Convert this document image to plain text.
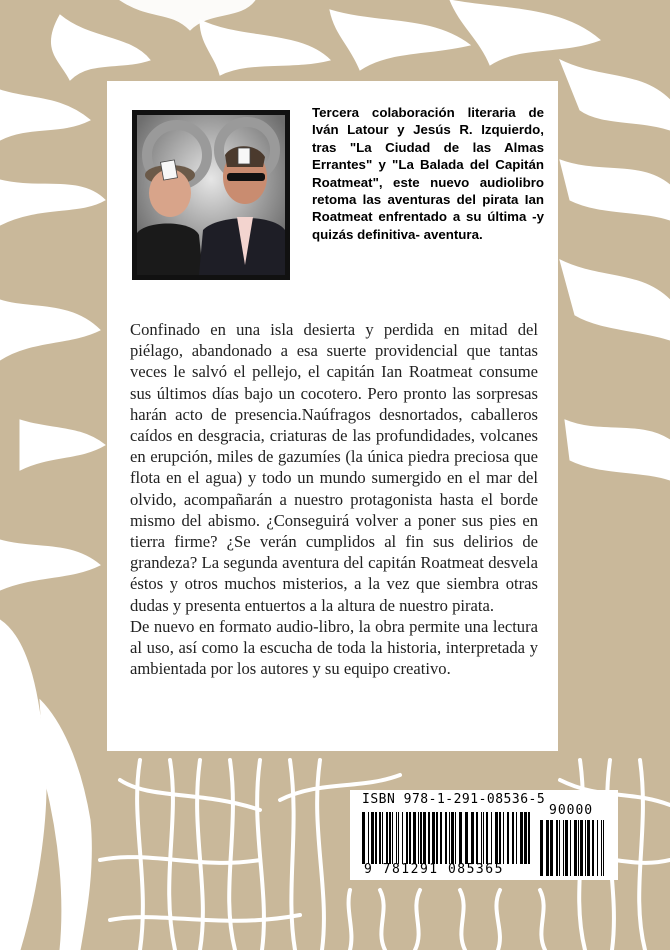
Tercera colaboración literaria de Iván Latour y Jesús R. Izquierdo, tras "La Ciudad de las Almas Errantes" y "La Balada del Capitán Roatmeat", este nuevo audiolibro retoma las aventuras del pirata Ian Roatmeat enfrentado a su última -y quizás definitiva- aventura.

Confinado en una isla desierta y perdida en mitad del piélago, abandonado a esa suerte providencial que tantas veces le salvó el pellejo, el capitán Ian Roatmeat consume sus últimos días bajo un cocotero. Pero pronto las sorpresas harán acto de presencia.Naúfragos desnortados, caballeros caídos en desgracia, criaturas de las profundidades, volcanes en erupción, miles de gazumíes (la única piedra preciosa que flota en el agua) y todo un mundo sumergido en el mar del olvido, acompañarán a nuestro protagonista hasta el borde mismo del abismo. ¿Conseguirá volver a poner sus pies en tierra firme? ¿Se verán cumplidos al fin sus delirios de grandeza? La segunda aventura del capitán Roatmeat desvela éstos y otros muchos misterios, a la vez que siembra otras dudas y presenta entuertos a la altura de nuestro pirata.

De nuevo en formato audio-libro, la obra permite una lectura al uso, así como la escucha de toda la historia, interpretada y ambientada por los autores y su equipo creativo.

ISBN 978-1-291-08536-5
90000
9 781291 085365
